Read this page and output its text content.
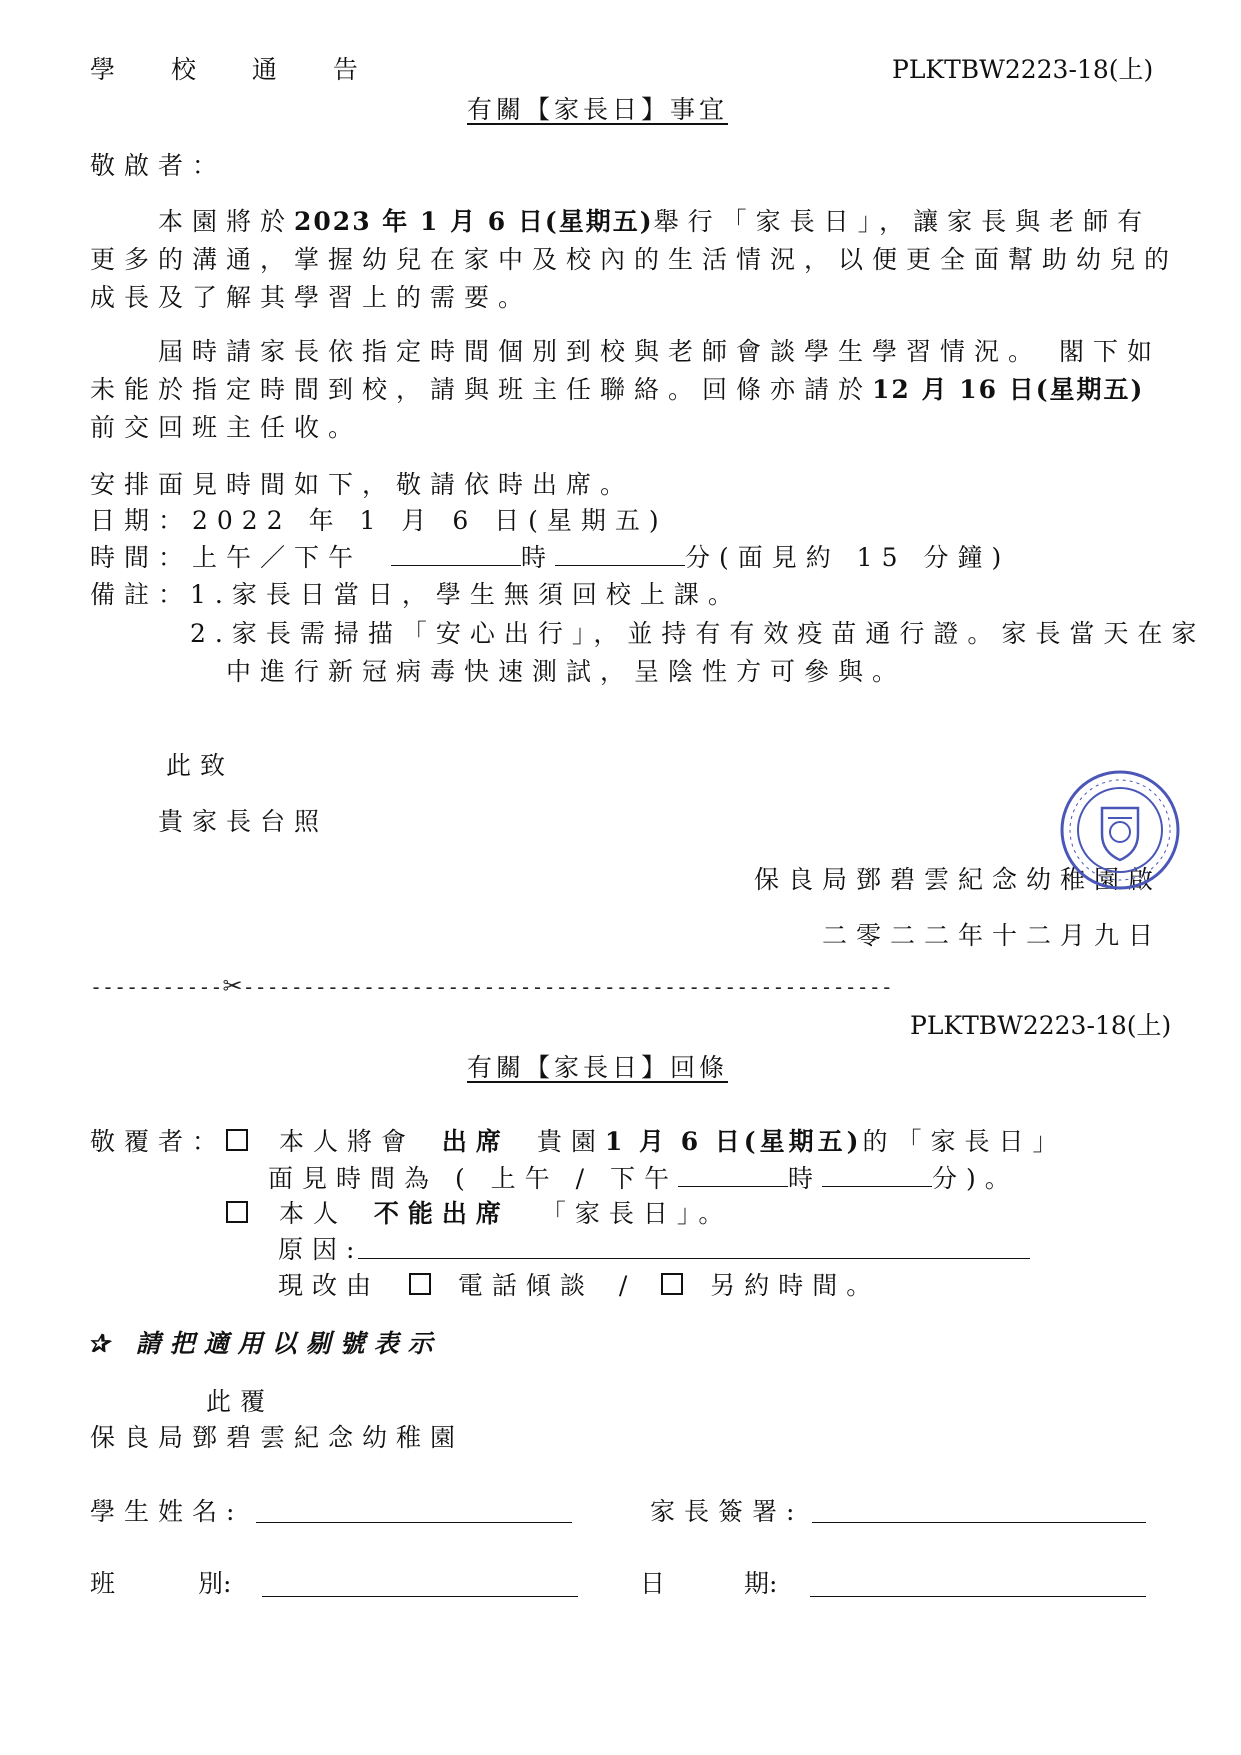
學 校 通 告	PLKTBW2223-18(上)
有關【家長日】事宜
敬啟者：
本園將於2023 年 1 月 6 日(星期五)舉行「家長日」，讓家長與老師有
更多的溝通，掌握幼兒在家中及校內的生活情況，以便更全面幫助幼兒的
成長及了解其學習上的需要。
屆時請家長依指定時間個別到校與老師會談學生學習情況。 閣下如
未能於指定時間到校，請與班主任聯絡。回條亦請於12 月 16 日(星期五)
前交回班主任收。
安排面見時間如下，敬請依時出席。
日期：2022 年 1 月 6 日(星期五)
時間：上午／下午	時	分(面見約 15 分鐘)
備註：
1.家長日當日，學生無須回校上課。
2.家長需掃描「安心出行」，並持有有效疫苗通行證。家長當天在家
中進行新冠病毒快速測試，呈陰性方可參與。
此致
貴家長台照
保良局鄧碧雲紀念幼稚園啟
二零二二年十二月九日
-----------✂------------------------------------------------------
PLKTBW2223-18(上)
有關【家長日】回條
敬覆者：	本人將會 出席 貴園1 月 6 日(星期五)的「家長日」
面見時間為 ( 上午 / 下午	時	分)。
本人 不能出席 「家長日」。
原因:
現改由	電話傾談 /	另約時間。
✰ 請把適用以剔號表示
此覆
保良局鄧碧雲紀念幼稚園
學生姓名:	家長簽署:
班	別:	日	期:
